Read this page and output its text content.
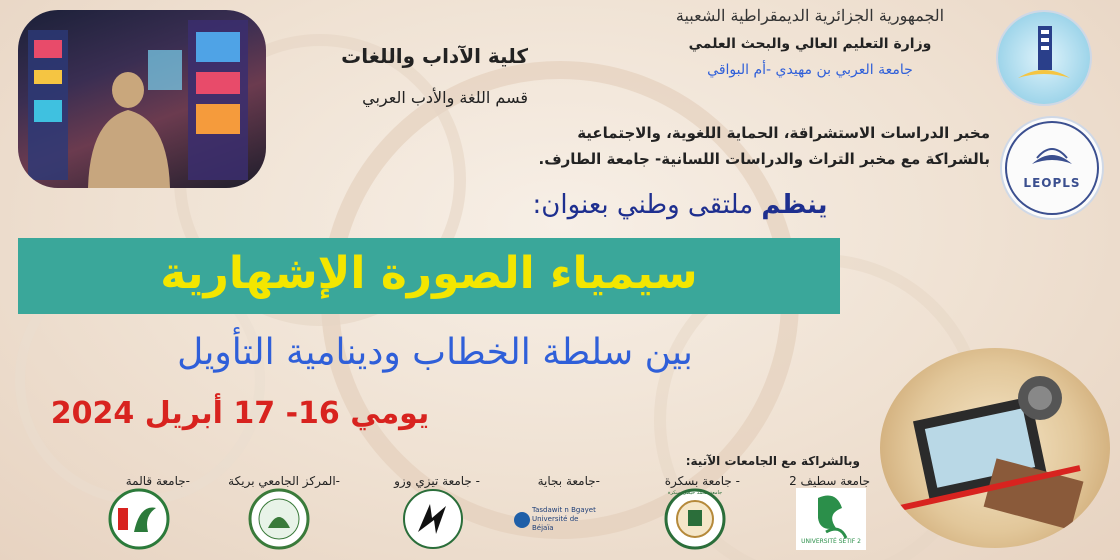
كلية الآداب واللغات
قسم اللغة والأدب العربي
الجمهورية الجزائرية الديمقراطية الشعبية
وزارة التعليم العالي والبحث العلمي
جامعة العربي بن مهيدي -أم البواقي
LEOPLS
مخبر الدراسات الاستشراقة، الحماية اللغوية، والاجتماعية
بالشراكة مع مخبر التراث والدراسات اللسانية- جامعة الطارف.
ينظم ملتقى وطني بعنوان:
سيمياء الصورة الإشهارية
بين سلطة الخطاب ودينامية التأويل
يومي 16- 17 أبريل 2024
وبالشراكة مع الجامعات الآتية:
جامعة سطيف 2
- جامعة بسكرة
-جامعة بجاية
- جامعة تيزي وزو
-المركز الجامعي بريكة
-جامعة قالمة
UNIVERSITÉ SETIF 2
جامعة محمد خيضر بسكرة
Tasdawit n Bgayet Université de Béjaïa
